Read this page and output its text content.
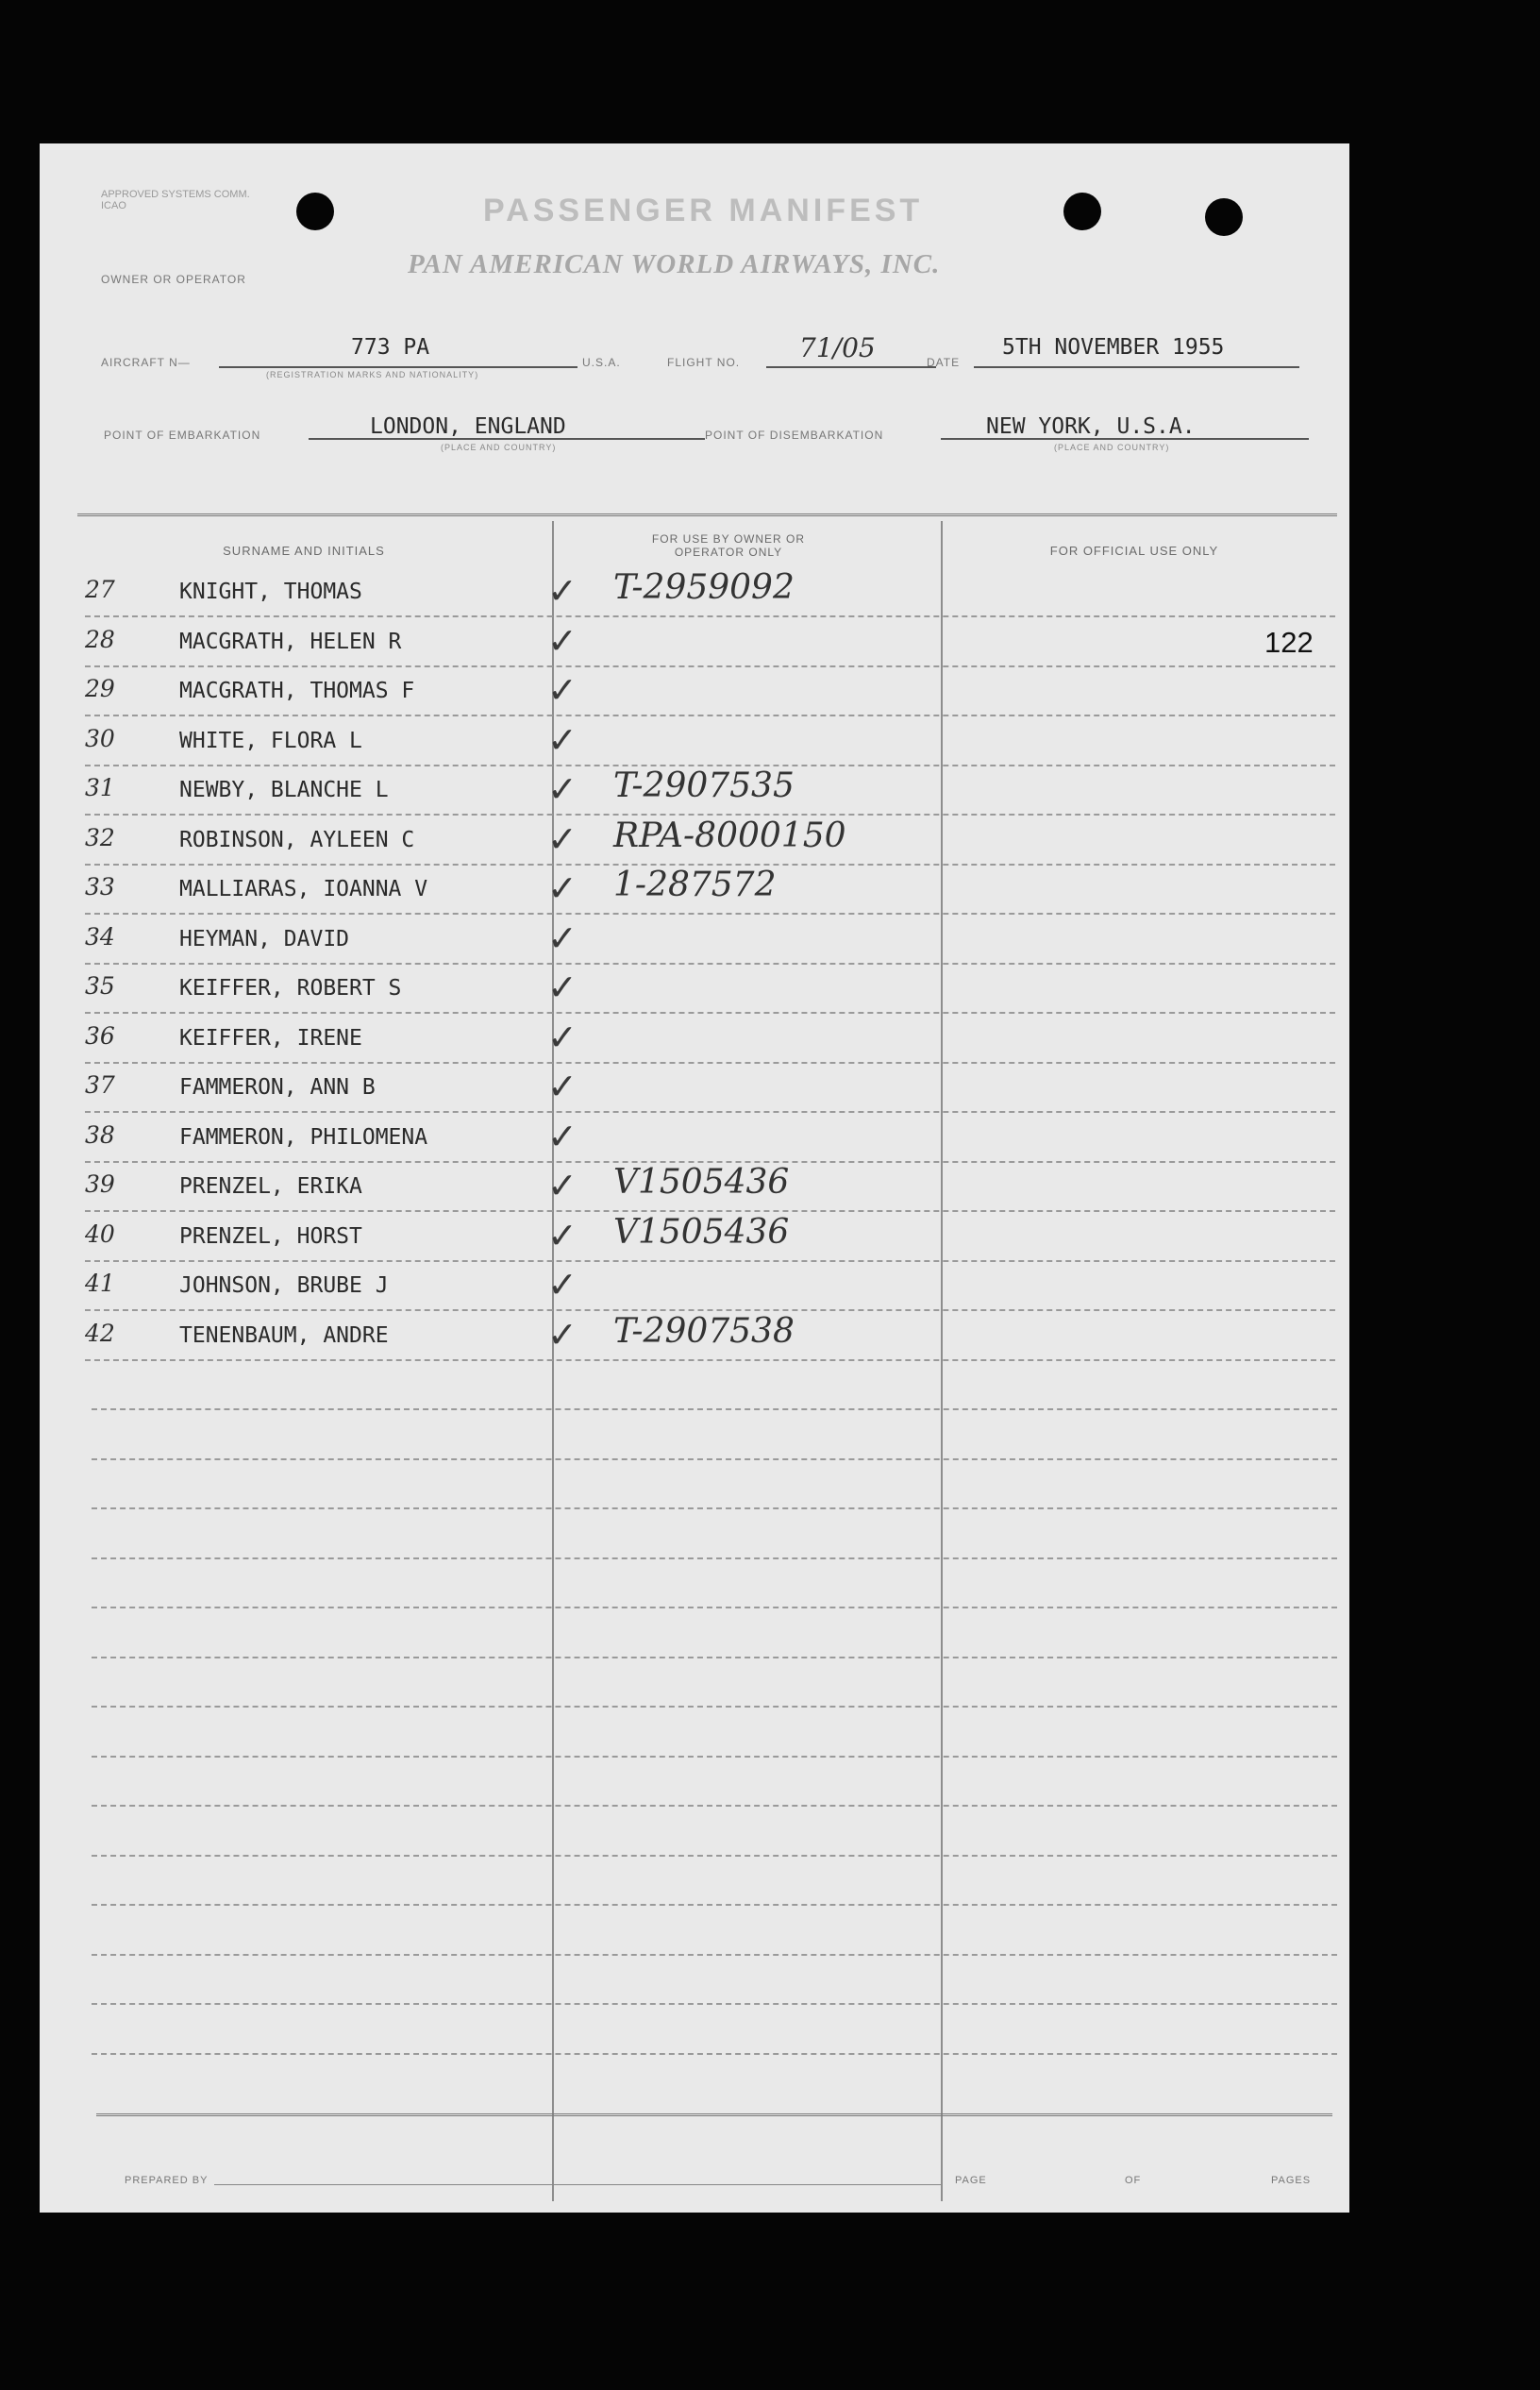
APPROVED SYSTEMS COMM. ICAO	PASSENGER MANIFEST
OWNER OR OPERATOR	PAN AMERICAN WORLD AIRWAYS, INC.
AIRCRAFT N—
773 PA
(REGISTRATION MARKS AND NATIONALITY)
U.S.A.	FLIGHT NO. 71/05	DATE
5TH NOVEMBER 1955
POINT OF EMBARKATION	LONDON, ENGLAND
(PLACE AND COUNTRY)
POINT OF DISEMBARKATION	NEW YORK, U.S.A.
(PLACE AND COUNTRY)
SURNAME AND INITIALS
FOR USE BY OWNER OR OPERATOR ONLY	FOR OFFICIAL USE ONLY
27	KNIGHT, THOMAS	✓ T-2959092
28	MACGRATH, HELEN R	✓	122
29	MACGRATH, THOMAS F	✓
30	WHITE, FLORA L	✓
31	NEWBY, BLANCHE L	✓ T-2907535
32	ROBINSON, AYLEEN C	✓ RPA-8000150
33	MALLIARAS, IOANNA V	✓ 1-287572
34	HEYMAN, DAVID	✓
35	KEIFFER, ROBERT S	✓
36	KEIFFER, IRENE	✓
37	FAMMERON, ANN B	✓
38	FAMMERON, PHILOMENA	✓
39	PRENZEL, ERIKA	✓ V1505436
40	PRENZEL, HORST	✓ V1505436
41	JOHNSON, BRUBE J	✓
42	TENENBAUM, ANDRE	✓ T-2907538
PREPARED BY	PAGE	OF	PAGES
